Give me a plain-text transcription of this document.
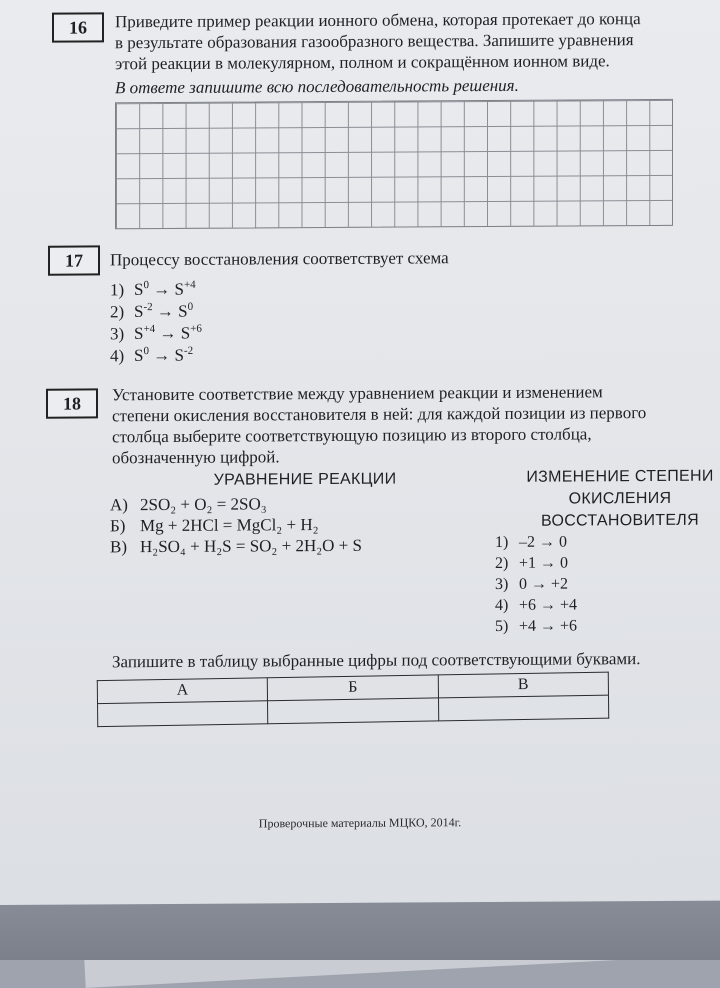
16	Приведите пример реакции ионного обмена, которая протекает до конца

в результате образования газообразного вещества. Запишите уравнения

этой реакции в молекулярном, полном и сокращённом ионном виде.

В ответе запишите всю последовательность решения.

17	Процессу восстановления соответствует схема

1) $S^0 \to S^{+4}$
2) $S^{-2} \to S^0$
3) $S^{+4} \to S^{+6}$
4) $S^0 \to S^{-2}$
18	Установите соответствие между уравнением реакции и изменением

степени окисления восстановителя в ней: для каждой позиции из первого

столбца выберите соответствующую позицию из второго столбца,

обозначенную цифрой.

УРАВНЕНИЕ РЕАКЦИИ	ИЗМЕНЕНИЕ СТЕПЕНИ
ОКИСЛЕНИЯ
ВОССТАНОВИТЕЛЯ
А) 2SO₂ + O₂ = 2SO₃
Б) Mg + 2HCl = MgCl₂ + H₂
В) H₂SO₄ + H₂S = SO₂ + 2H₂O + S	1) –2 → 0
2) +1 → 0
3) 0 → +2
4) +6 → +4
5) +4 → +6

Запишите в таблицу выбранные цифры под соответствующими буквами.

А	Б	В

Проверочные материалы МЦКО, 2014г.
